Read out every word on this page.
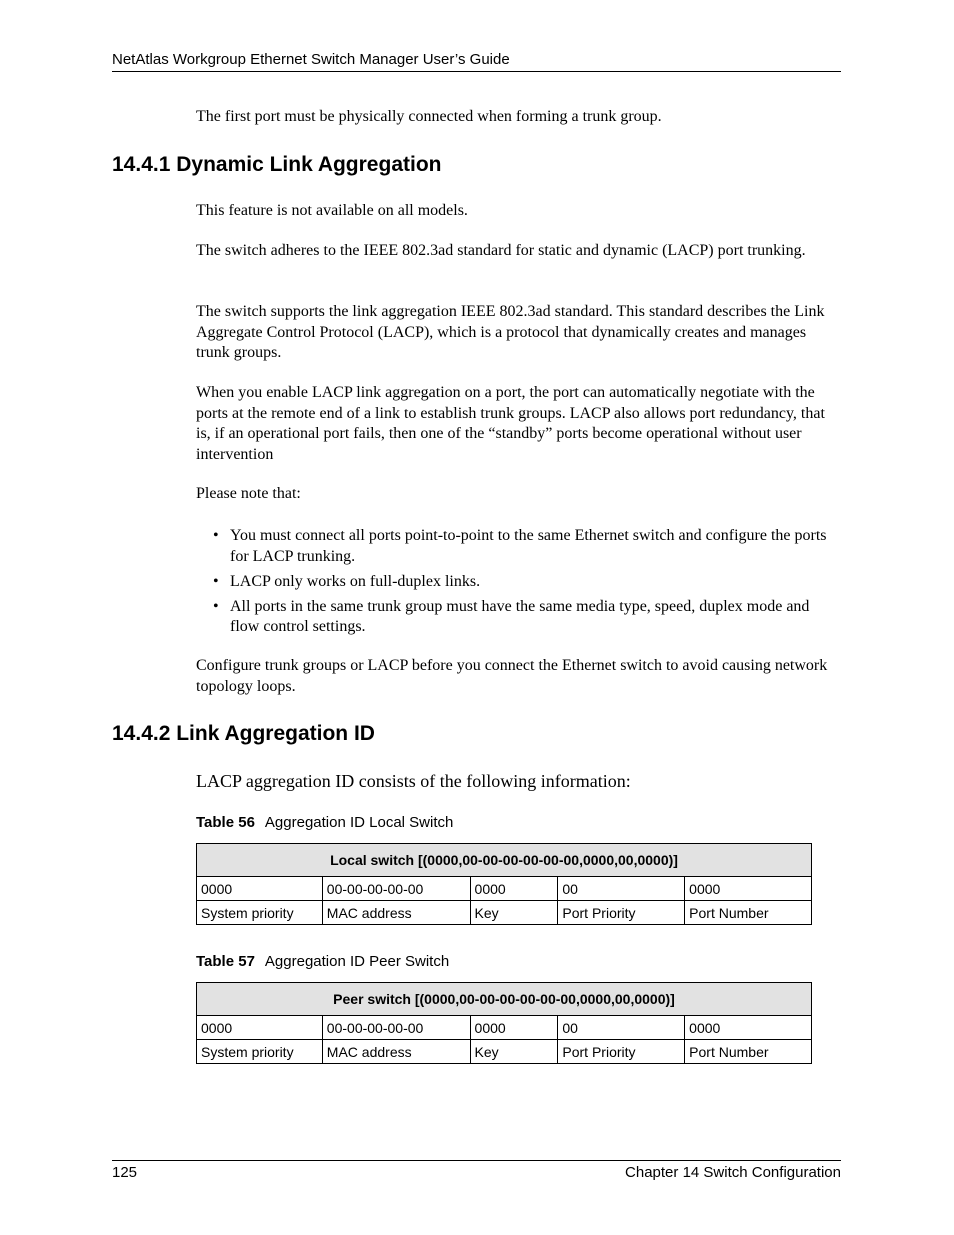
NetAtlas Workgroup Ethernet Switch Manager User’s Guide

The first port must be physically connected when forming a trunk group.

14.4.1 Dynamic Link Aggregation

This feature is not available on all models.

The switch adheres to the IEEE 802.3ad standard for static and dynamic (LACP) port trunking.

The switch supports the link aggregation IEEE 802.3ad standard. This standard describes the Link Aggregate Control Protocol (LACP), which is a protocol that dynamically creates and manages trunk groups.

When you enable LACP link aggregation on a port, the port can automatically negotiate with the ports at the remote end of a link to establish trunk groups. LACP also allows port redundancy, that is, if an operational port fails, then one of the “standby” ports become operational without user intervention

Please note that:

• You must connect all ports point-to-point to the same Ethernet switch and configure the ports for LACP trunking.
• LACP only works on full-duplex links.
• All ports in the same trunk group must have the same media type, speed, duplex mode and flow control settings.

Configure trunk groups or LACP before you connect the Ethernet switch to avoid causing network topology loops.

14.4.2 Link Aggregation ID

LACP aggregation ID consists of the following information:

Table 56 Aggregation ID Local Switch
Local switch [(0000,00-00-00-00-00-00,0000,00,0000)]				
0000	00-00-00-00-00	0000	00	0000
System priority	MAC address	Key	Port Priority	Port Number
Table 57 Aggregation ID Peer Switch
Peer switch [(0000,00-00-00-00-00-00,0000,00,0000)]				
0000	00-00-00-00-00	0000	00	0000
System priority	MAC address	Key	Port Priority	Port Number
125	Chapter 14 Switch Configuration
